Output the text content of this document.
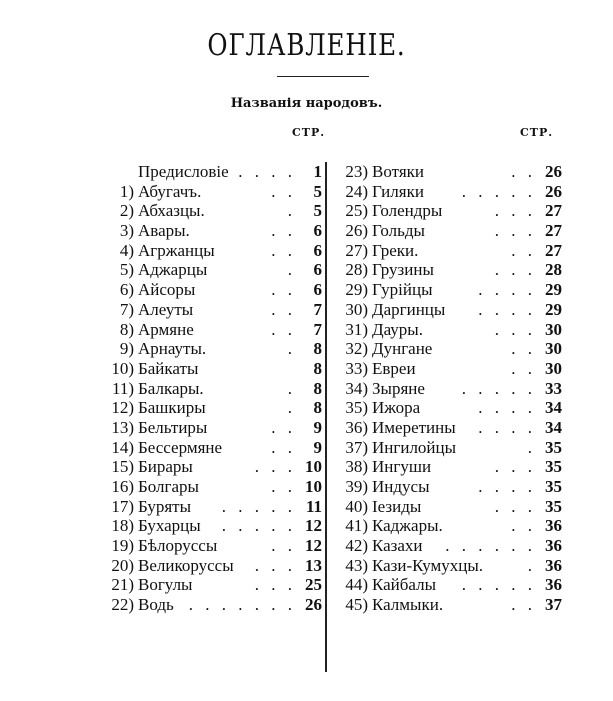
ОГЛАВЛЕНІЕ.
Названія народовъ.
СТР.	СТР.
Предисловіе . . . .	1
1) Абугачъ.	. .	5
2) Абхазцы.	.	5
3) Авары.	. .	6
4) Агржанцы	. .	6
5) Аджарцы	.	6
6) Айсоры	. .	6
7) Алеуты	. .	7
8) Армяне	. .	7
9) Арнауты.	.	8
10) Байкаты	8
11) Балкары.	.	8
12) Башкиры	.	8
13) Бельтиры	. .	9
14) Бессермяне	. .	9
15) Бирары	. . . 10
16) Болгары	. . 10
17) Буряты	. . . . . 11
18) Бухарцы	. . . . . 12
19) Бѣлоруссы	. . 12
20) Великоруссы	. . . 13
21) Вогулы	. . . 25
22) Водь . . . . . . . 26
23) Вотяки	. . 26
24) Гиляки	. . . . . 26
25) Голендры	. . . 27
26) Гольды	. . . 27
27) Греки.	. . 27
28) Грузины	. . . 28
29) Гурійцы	. . . . 29
30) Даргинцы	. . . . 29
31) Дауры.	. . . 30
32) Дунгане	. . 30
33) Евреи	. . 30
34) Зыряне	. . . . . 33
35) Ижора	. . . . 34
36) Имеретины	. . . . 34
37) Ингилойцы	. 35
38) Ингуши	. . . 35
39) Индусы	. . . . 35
40) Іезиды	. . . 35
41) Каджары.	. . 36
42) Казахи	. . . . . . 36
43) Кази-Кумухцы.	. 36
44) Кайбалы	. . . . . 36
45) Калмыки.	. . 37
